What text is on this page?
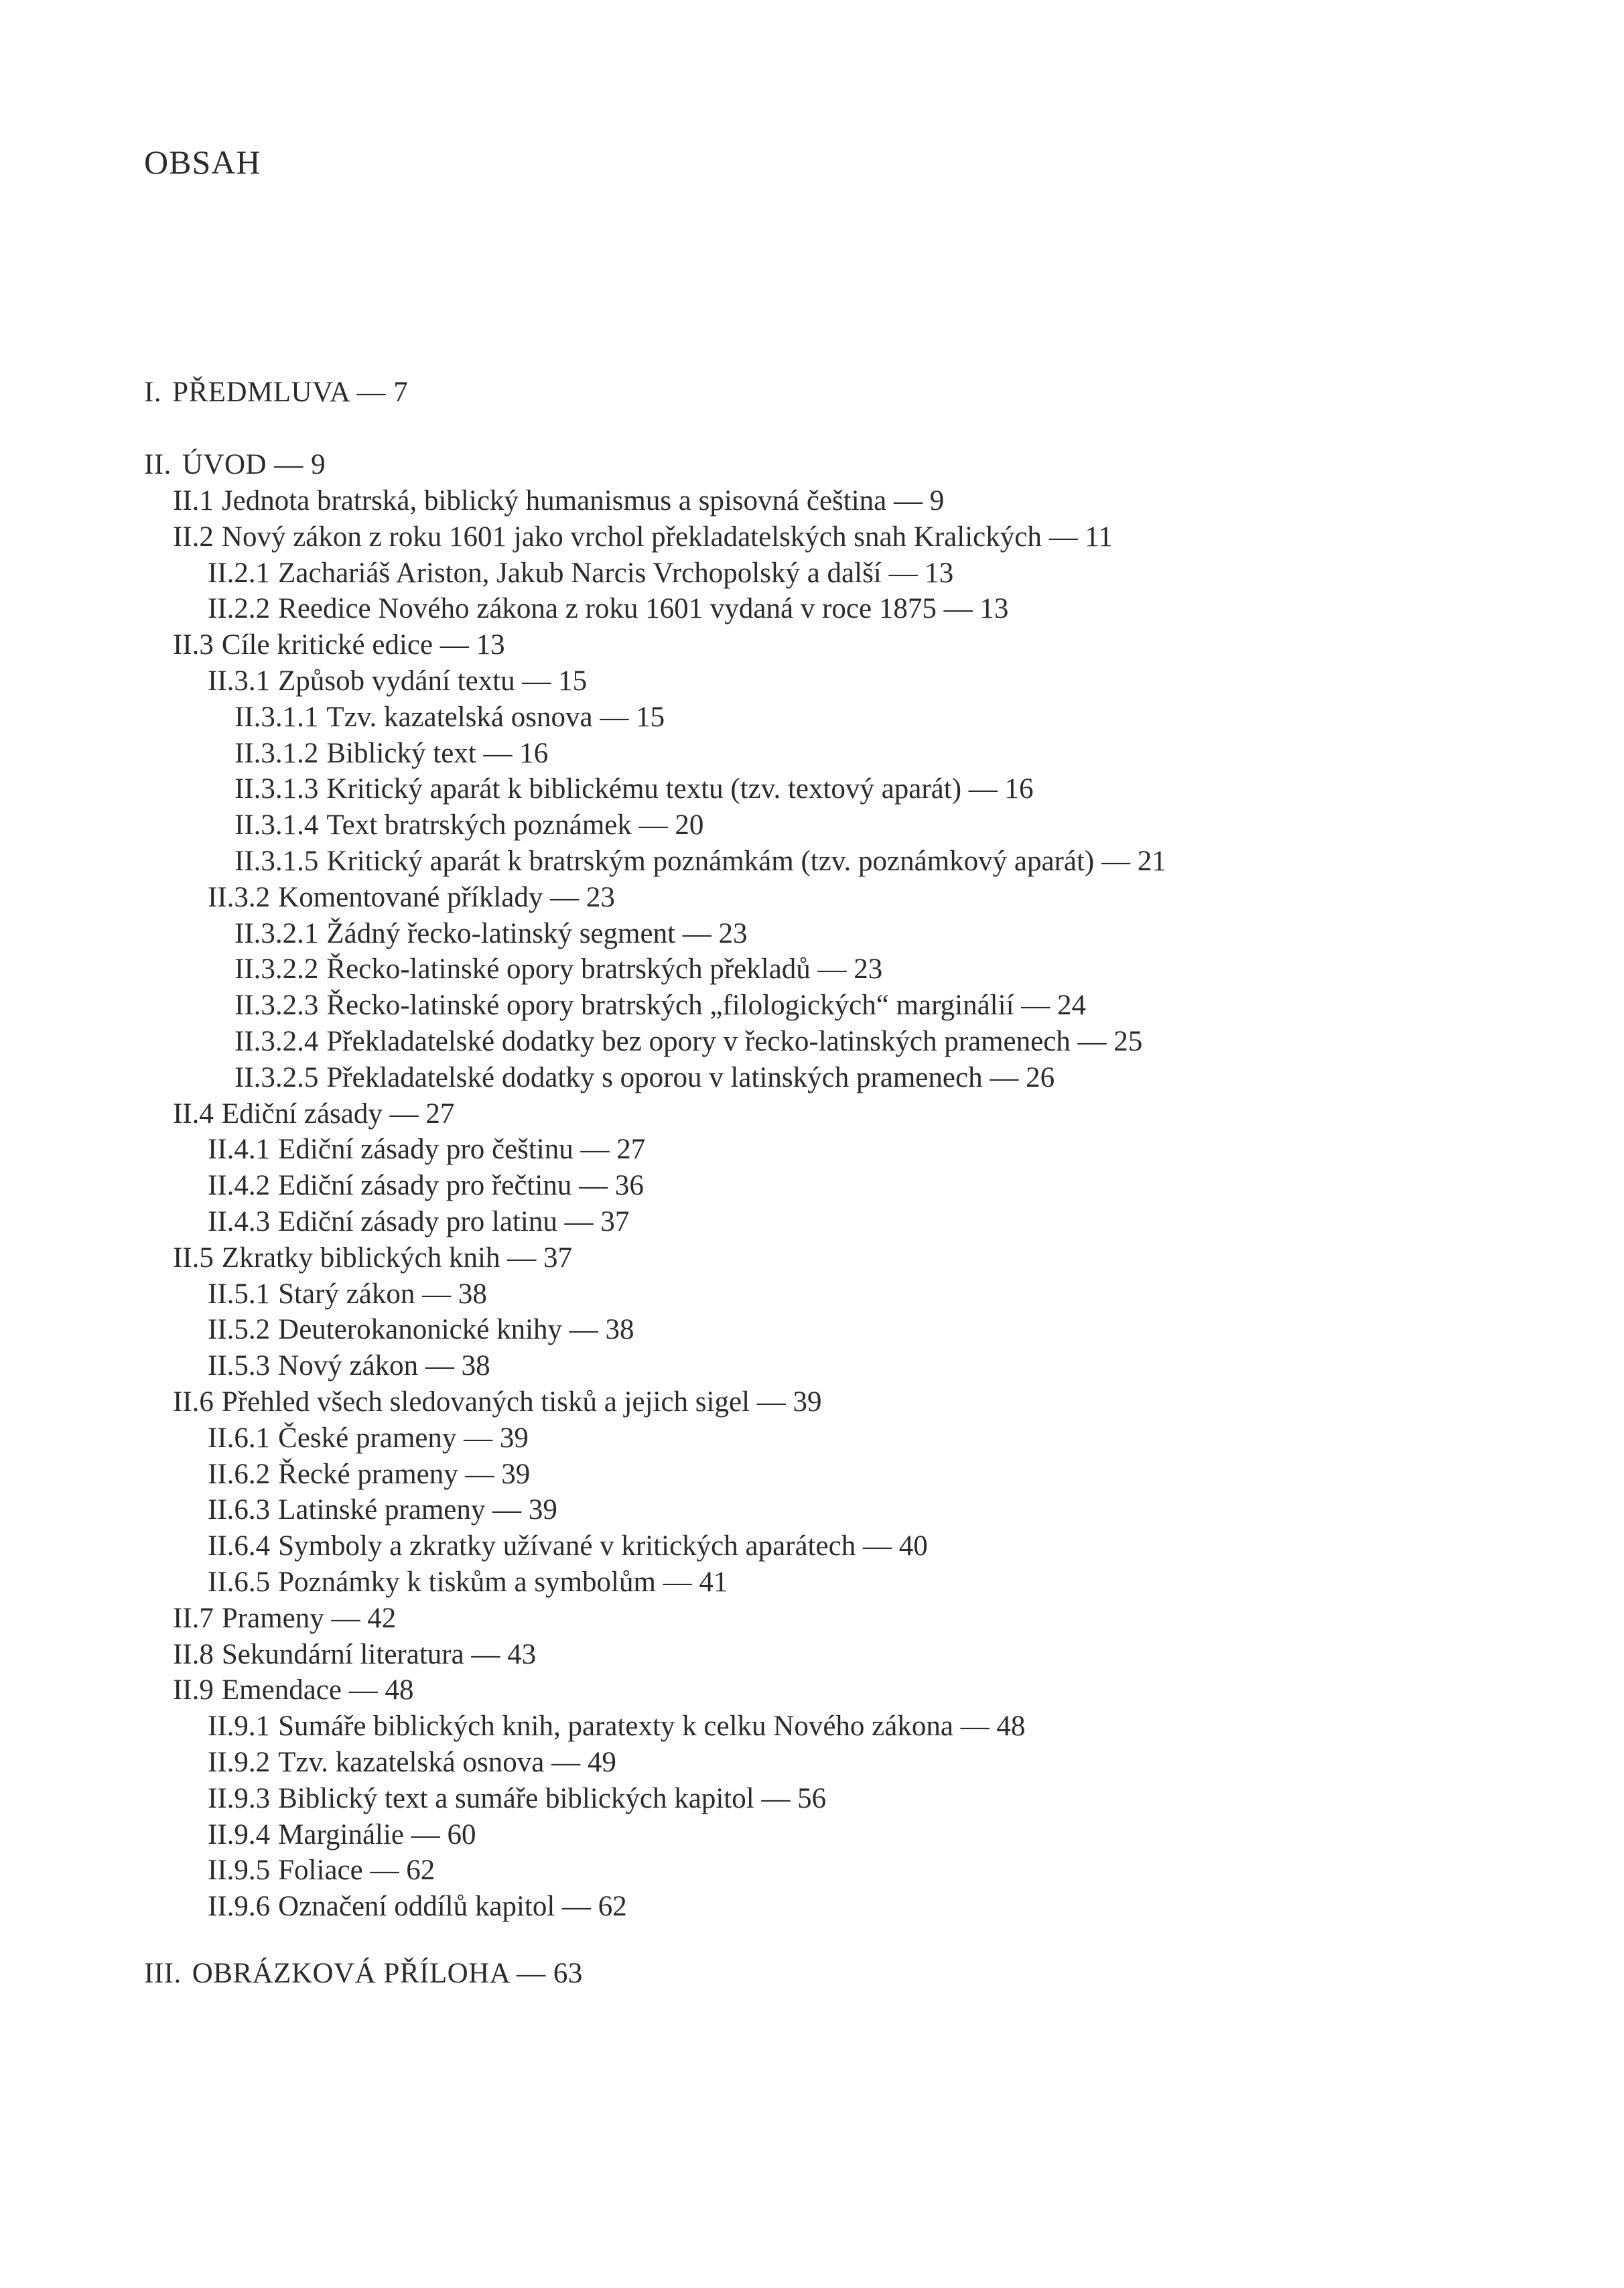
OBSAH
I. PŘEDMLUVA — 7
II. ÚVOD — 9
II.1 Jednota bratrská, biblický humanismus a spisovná čeština — 9
II.2 Nový zákon z roku 1601 jako vrchol překladatelských snah Kralických — 11
II.2.1 Zachariáš Ariston, Jakub Narcis Vrchopolský a další — 13
II.2.2 Reedice Nového zákona z roku 1601 vydaná v roce 1875 — 13
II.3 Cíle kritické edice — 13
II.3.1 Způsob vydání textu — 15
II.3.1.1 Tzv. kazatelská osnova — 15
II.3.1.2 Biblický text — 16
II.3.1.3 Kritický aparát k biblickému textu (tzv. textový aparát) — 16
II.3.1.4 Text bratrských poznámek — 20
II.3.1.5 Kritický aparát k bratrským poznámkám (tzv. poznámkový aparát) — 21
II.3.2 Komentované příklady — 23
II.3.2.1 Žádný řecko-latinský segment — 23
II.3.2.2 Řecko-latinské opory bratrských překladů — 23
II.3.2.3 Řecko-latinské opory bratrských „filologických“ marginálií — 24
II.3.2.4 Překladatelské dodatky bez opory v řecko-latinských pramenech — 25
II.3.2.5 Překladatelské dodatky s oporou v latinských pramenech — 26
II.4 Ediční zásady — 27
II.4.1 Ediční zásady pro češtinu — 27
II.4.2 Ediční zásady pro řečtinu — 36
II.4.3 Ediční zásady pro latinu — 37
II.5 Zkratky biblických knih — 37
II.5.1 Starý zákon — 38
II.5.2 Deuterokanonické knihy — 38
II.5.3 Nový zákon — 38
II.6 Přehled všech sledovaných tisků a jejich sigel — 39
II.6.1 České prameny — 39
II.6.2 Řecké prameny — 39
II.6.3 Latinské prameny — 39
II.6.4 Symboly a zkratky užívané v kritických aparátech — 40
II.6.5 Poznámky k tiskům a symbolům — 41
II.7 Prameny — 42
II.8 Sekundární literatura — 43
II.9 Emendace — 48
II.9.1 Sumáře biblických knih, paratexty k celku Nového zákona — 48
II.9.2 Tzv. kazatelská osnova — 49
II.9.3 Biblický text a sumáře biblických kapitol — 56
II.9.4 Marginálie — 60
II.9.5 Foliace — 62
II.9.6 Označení oddílů kapitol — 62
III. OBRÁZKOVÁ PŘÍLOHA — 63
